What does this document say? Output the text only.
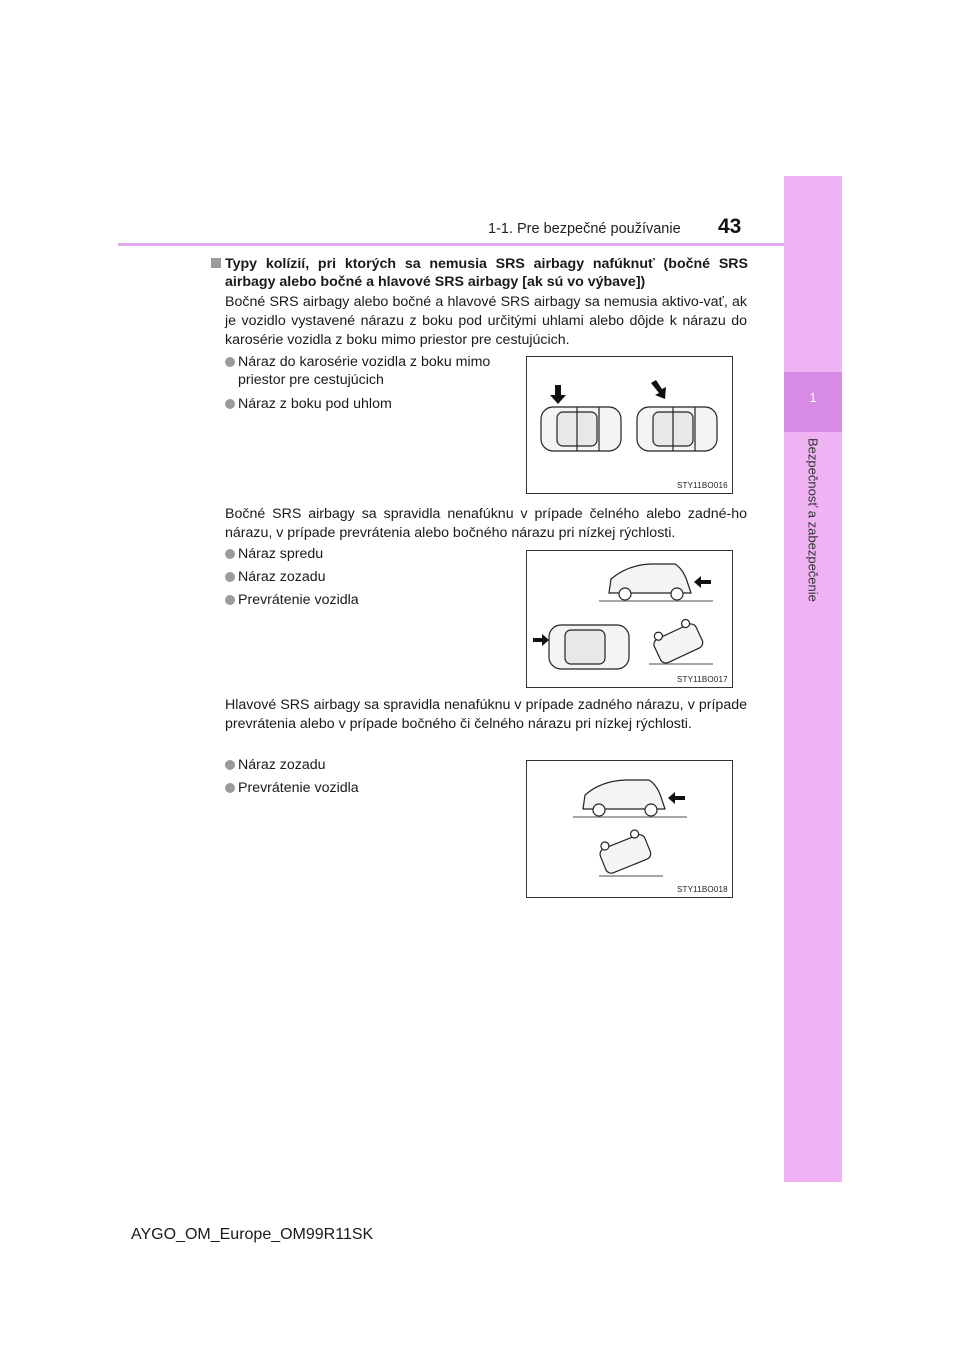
1-1. Pre bezpečné používanie 43
1
Bezpečnosť a zabezpečenie
Typy kolízií, pri ktorých sa nemusia SRS airbagy nafúknuť (bočné SRS airbagy alebo bočné a hlavové SRS airbagy [ak sú vo výbave])
Bočné SRS airbagy alebo bočné a hlavové SRS airbagy sa nemusia aktivo-vať, ak je vozidlo vystavené nárazu z boku pod určitými uhlami alebo dôjde k nárazu do karosérie vozidla z boku mimo priestor pre cestujúcich.
Náraz do karosérie vozidla z boku mimo priestor pre cestujúcich
Náraz z boku pod uhlom
STY11BO016
Bočné SRS airbagy sa spravidla nenafúknu v prípade čelného alebo zadné-ho nárazu, v prípade prevrátenia alebo bočného nárazu pri nízkej rýchlosti.
Náraz spredu
Náraz zozadu
Prevrátenie vozidla
STY11BO017
Hlavové SRS airbagy sa spravidla nenafúknu v prípade zadného nárazu, v prípade prevrátenia alebo v prípade bočného či čelného nárazu pri nízkej rýchlosti.
Náraz zozadu
Prevrátenie vozidla
STY11BO018
AYGO_OM_Europe_OM99R11SK
